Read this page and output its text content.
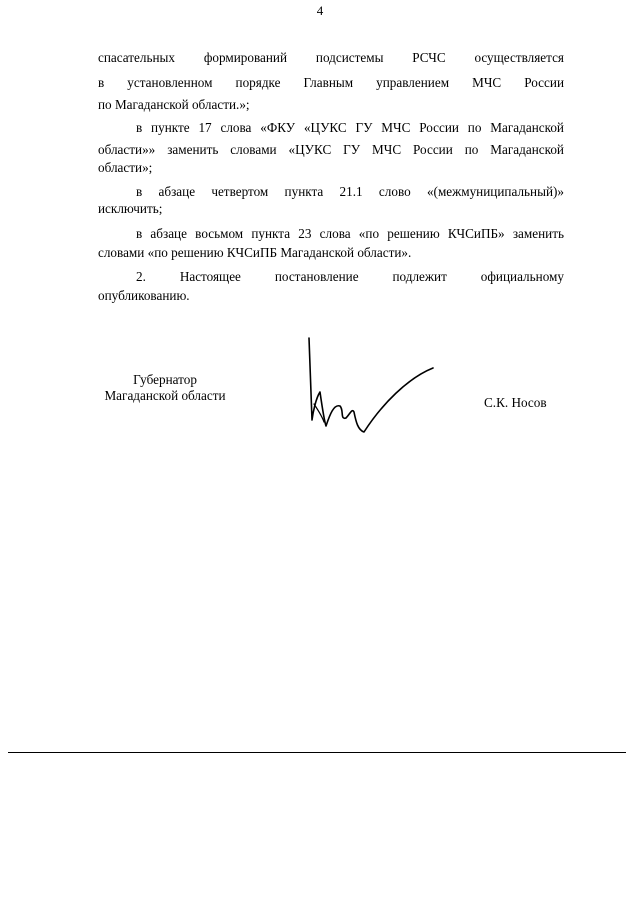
4
спасательных формирований подсистемы РСЧС осуществляется
в установленном порядке Главным управлением МЧС России
по Магаданской области.»;
в пункте 17 слова «ФКУ «ЦУКС ГУ МЧС России по Магаданской
области»» заменить словами «ЦУКС ГУ МЧС России по Магаданской
области»;
в абзаце четвертом пункта 21.1 слово «(межмуниципальный)»
исключить;
в абзаце восьмом пункта 23 слова «по решению КЧСиПБ» заменить
словами «по решению КЧСиПБ Магаданской области».
2. Настоящее постановление подлежит официальному
опубликованию.
Губернатор
Магаданской области	С.К. Носов
